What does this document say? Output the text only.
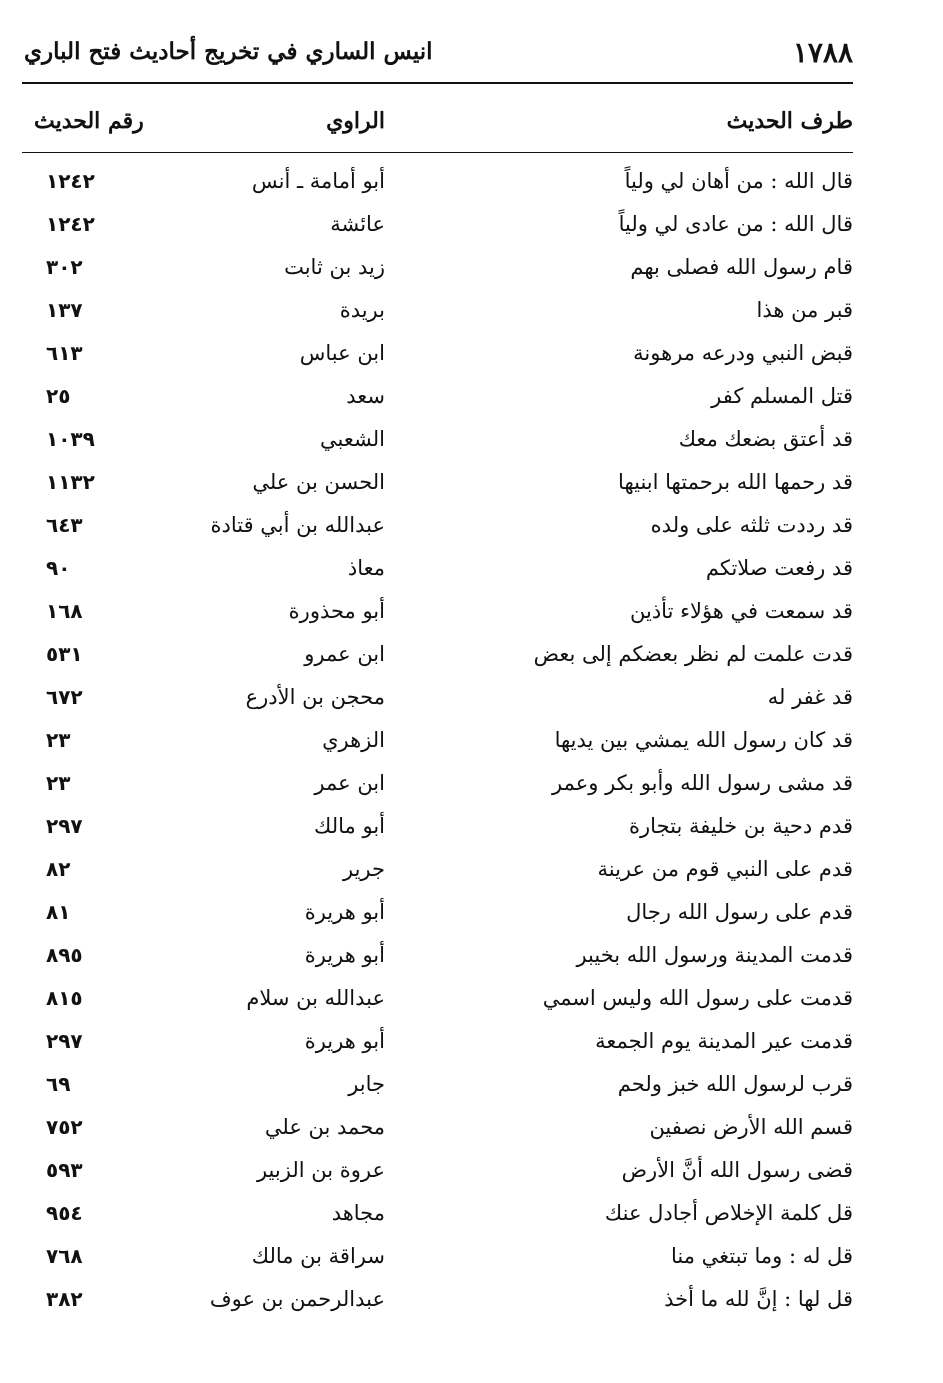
١٧٨٨
انيس الساري في تخريج أحاديث فتح الباري
طرف الحديث
الراوي
رقم الحديث
قال الله : من أهان لي ولياً
أبو أمامة ـ أنس
١٢٤٢
قال الله : من عادى لي ولياً
عائشة
١٢٤٢
قام رسول الله فصلى بهم
زيد بن ثابت
٣٠٢
قبر من هذا
بريدة
١٣٧
قبض النبي ودرعه مرهونة
ابن عباس
٦١٣
قتل المسلم كفر
سعد
٢٥
قد أعتق بضعك معك
الشعبي
١٠٣٩
قد رحمها الله برحمتها ابنيها
الحسن بن علي
١١٣٢
قد رددت ثلثه على ولده
عبدالله بن أبي قتادة
٦٤٣
قد رفعت صلاتكم
معاذ
٩٠
قد سمعت في هؤلاء تأذين
أبو محذورة
١٦٨
قدت علمت لم نظر بعضكم إلى بعض
ابن عمرو
٥٣١
قد غفر له
محجن بن الأدرع
٦٧٢
قد كان رسول الله يمشي بين يديها
الزهري
٢٣
قد مشى رسول الله وأبو بكر وعمر
ابن عمر
٢٣
قدم دحية بن خليفة بتجارة
أبو مالك
٢٩٧
قدم على النبي قوم من عرينة
جرير
٨٢
قدم على رسول الله رجال
أبو هريرة
٨١
قدمت المدينة ورسول الله بخيبر
أبو هريرة
٨٩٥
قدمت على رسول الله وليس اسمي
عبدالله بن سلام
٨١٥
قدمت عير المدينة يوم الجمعة
أبو هريرة
٢٩٧
قرب لرسول الله خبز ولحم
جابر
٦٩
قسم الله الأرض نصفين
محمد بن علي
٧٥٢
قضى رسول الله أنَّ الأرض
عروة بن الزبير
٥٩٣
قل كلمة الإخلاص أجادل عنك
مجاهد
٩٥٤
قل له : وما تبتغي منا
سراقة بن مالك
٧٦٨
قل لها : إنَّ لله ما أخذ
عبدالرحمن بن عوف
٣٨٢
